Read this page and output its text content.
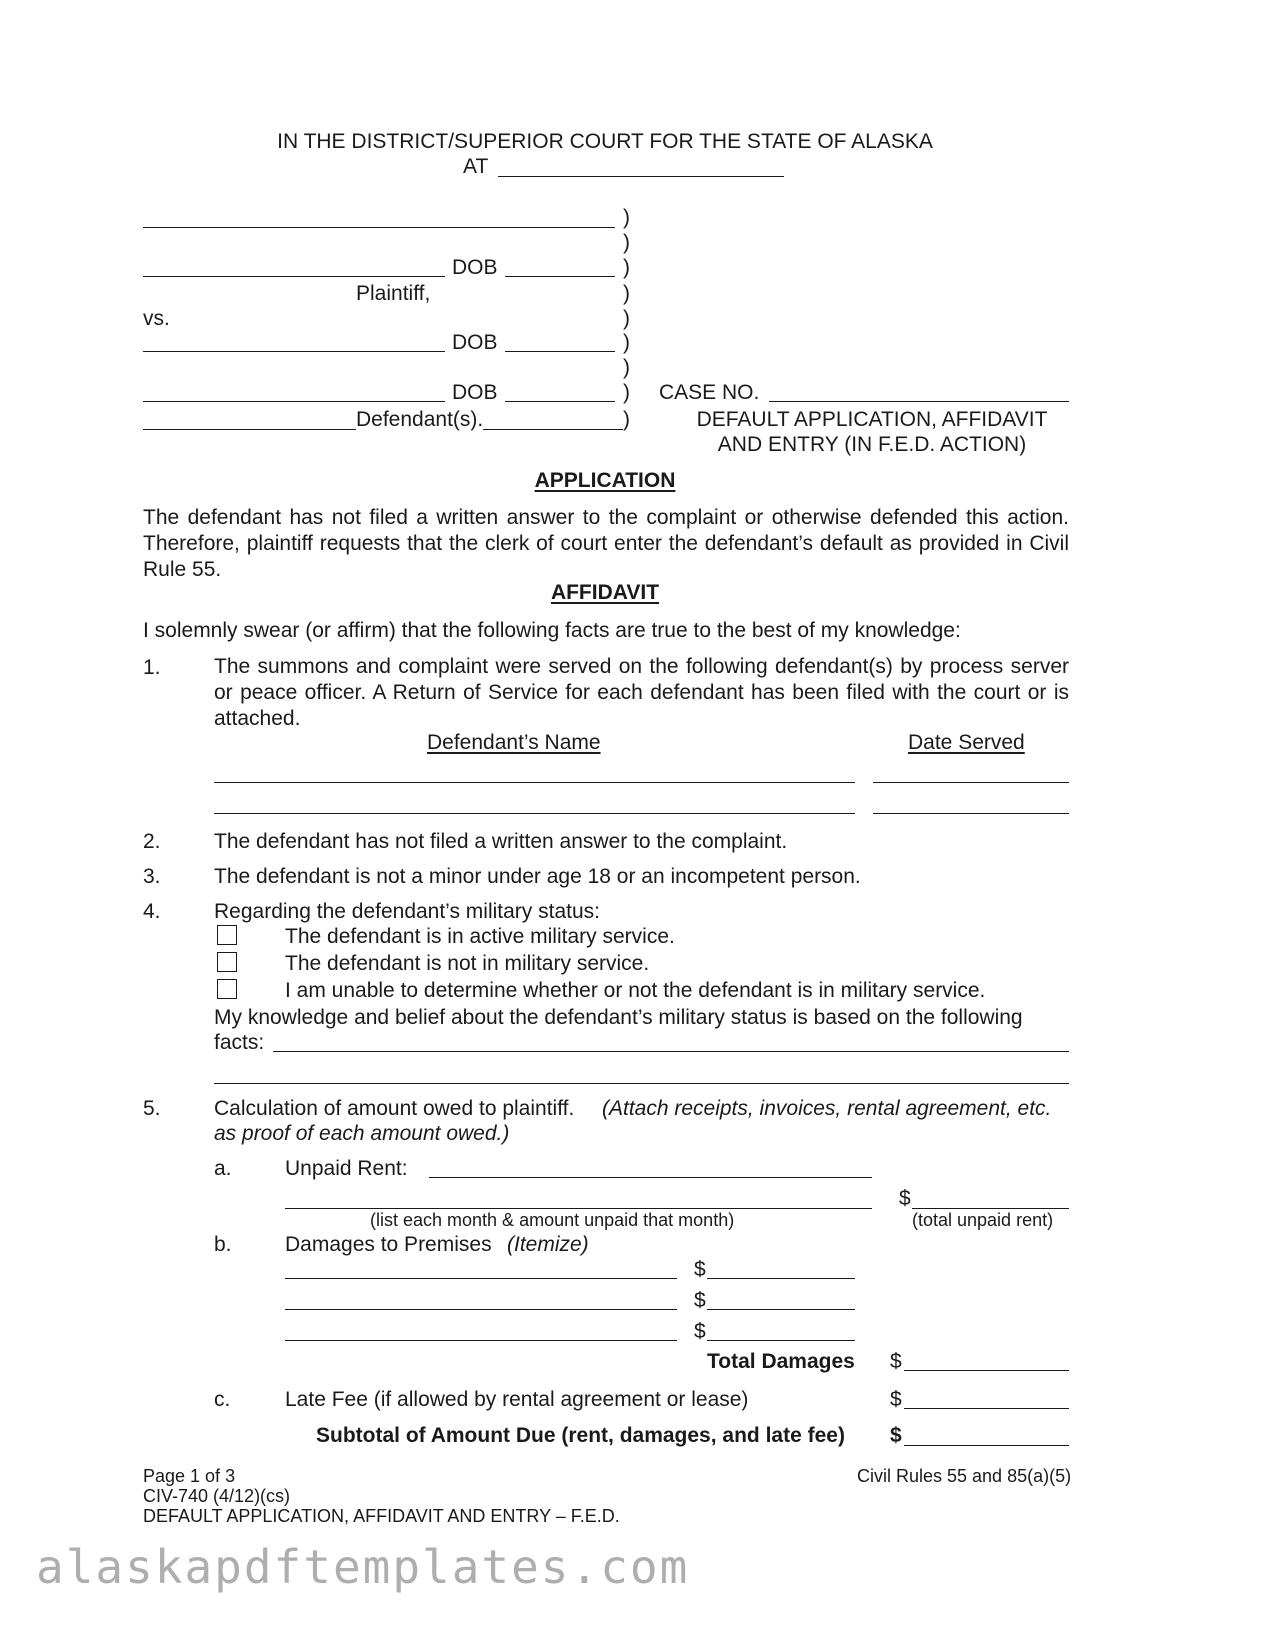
IN THE DISTRICT/SUPERIOR COURT FOR THE STATE OF ALASKA
AT
DOB
Plaintiff,
vs.
DOB
DOB
Defendant(s).
)
)
)
)
)
)
)
)
)
CASE NO.
DEFAULT APPLICATION, AFFIDAVIT
AND ENTRY (IN F.E.D. ACTION)
APPLICATION
The defendant has not filed a written answer to the complaint or otherwise defended this action. Therefore, plaintiff requests that the clerk of court enter the defendant’s default as provided in Civil Rule 55.
AFFIDAVIT
I solemnly swear (or affirm) that the following facts are true to the best of my knowledge:
1.	The summons and complaint were served on the following defendant(s) by process server or peace officer. A Return of Service for each defendant has been filed with the court or is attached.
Defendant’s Name	Date Served
2.	The defendant has not filed a written answer to the complaint.
3.	The defendant is not a minor under age 18 or an incompetent person.
4.	Regarding the defendant’s military status:
The defendant is in active military service.
The defendant is not in military service.
I am unable to determine whether or not the defendant is in military service.
My knowledge and belief about the defendant’s military status is based on the following
facts:
5.	Calculation of amount owed to plaintiff. (Attach receipts, invoices, rental agreement, etc.
as proof of each amount owed.)
a.	Unpaid Rent:
$
(list each month & amount unpaid that month)	(total unpaid rent)
b.	Damages to Premises (Itemize)
$
$
$
Total Damages $
c.	Late Fee (if allowed by rental agreement or lease)	$
Subtotal of Amount Due (rent, damages, and late fee) $
Page 1 of 3
CIV-740 (4/12)(cs)
DEFAULT APPLICATION, AFFIDAVIT AND ENTRY – F.E.D.
Civil Rules 55 and 85(a)(5)
alaskapdftemplates.com
